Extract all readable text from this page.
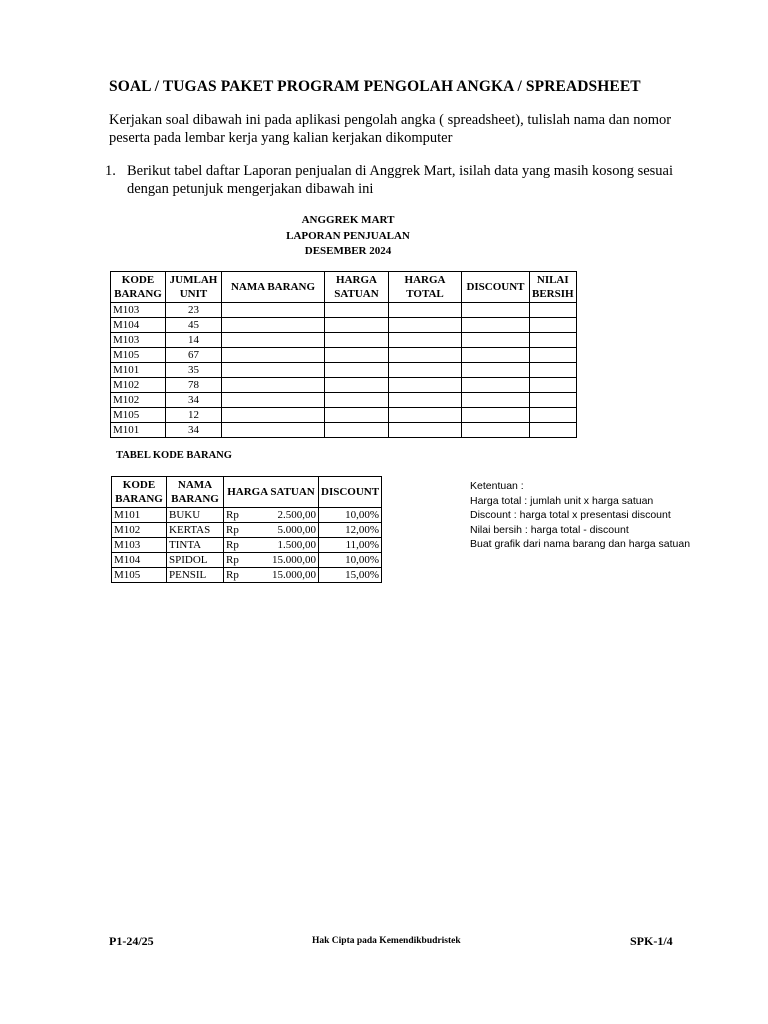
SOAL / TUGAS PAKET PROGRAM PENGOLAH ANGKA / SPREADSHEET
Kerjakan soal dibawah ini pada aplikasi pengolah angka ( spreadsheet), tulislah nama dan nomor peserta pada lembar kerja yang kalian kerjakan dikomputer
1. Berikut tabel daftar Laporan penjualan di Anggrek Mart, isilah data yang masih kosong sesuai dengan petunjuk mengerjakan dibawah ini
ANGGREK MART
LAPORAN PENJUALAN
DESEMBER 2024
KODE BARANG	JUMLAH UNIT	NAMA BARANG	HARGA SATUAN	HARGA TOTAL	DISCOUNT	NILAI BERSIH
M103	23					
M104	45					
M103	14					
M105	67					
M101	35					
M102	78					
M102	34					
M105	12					
M101	34					
TABEL KODE BARANG
KODE BARANG	NAMA BARANG	HARGA SATUAN		DISCOUNT
M101	BUKU	Rp	2.500,00	10,00%
M102	KERTAS	Rp	5.000,00	12,00%
M103	TINTA	Rp	1.500,00	11,00%
M104	SPIDOL	Rp	15.000,00	10,00%
M105	PENSIL	Rp	15.000,00	15,00%
Ketentuan :
Harga total : jumlah unit x harga satuan
Discount : harga total x presentasi discount
Nilai bersih : harga total - discount
Buat grafik dari nama barang dan harga satuan
P1-24/25	Hak Cipta pada Kemendikbudristek	SPK-1/4
